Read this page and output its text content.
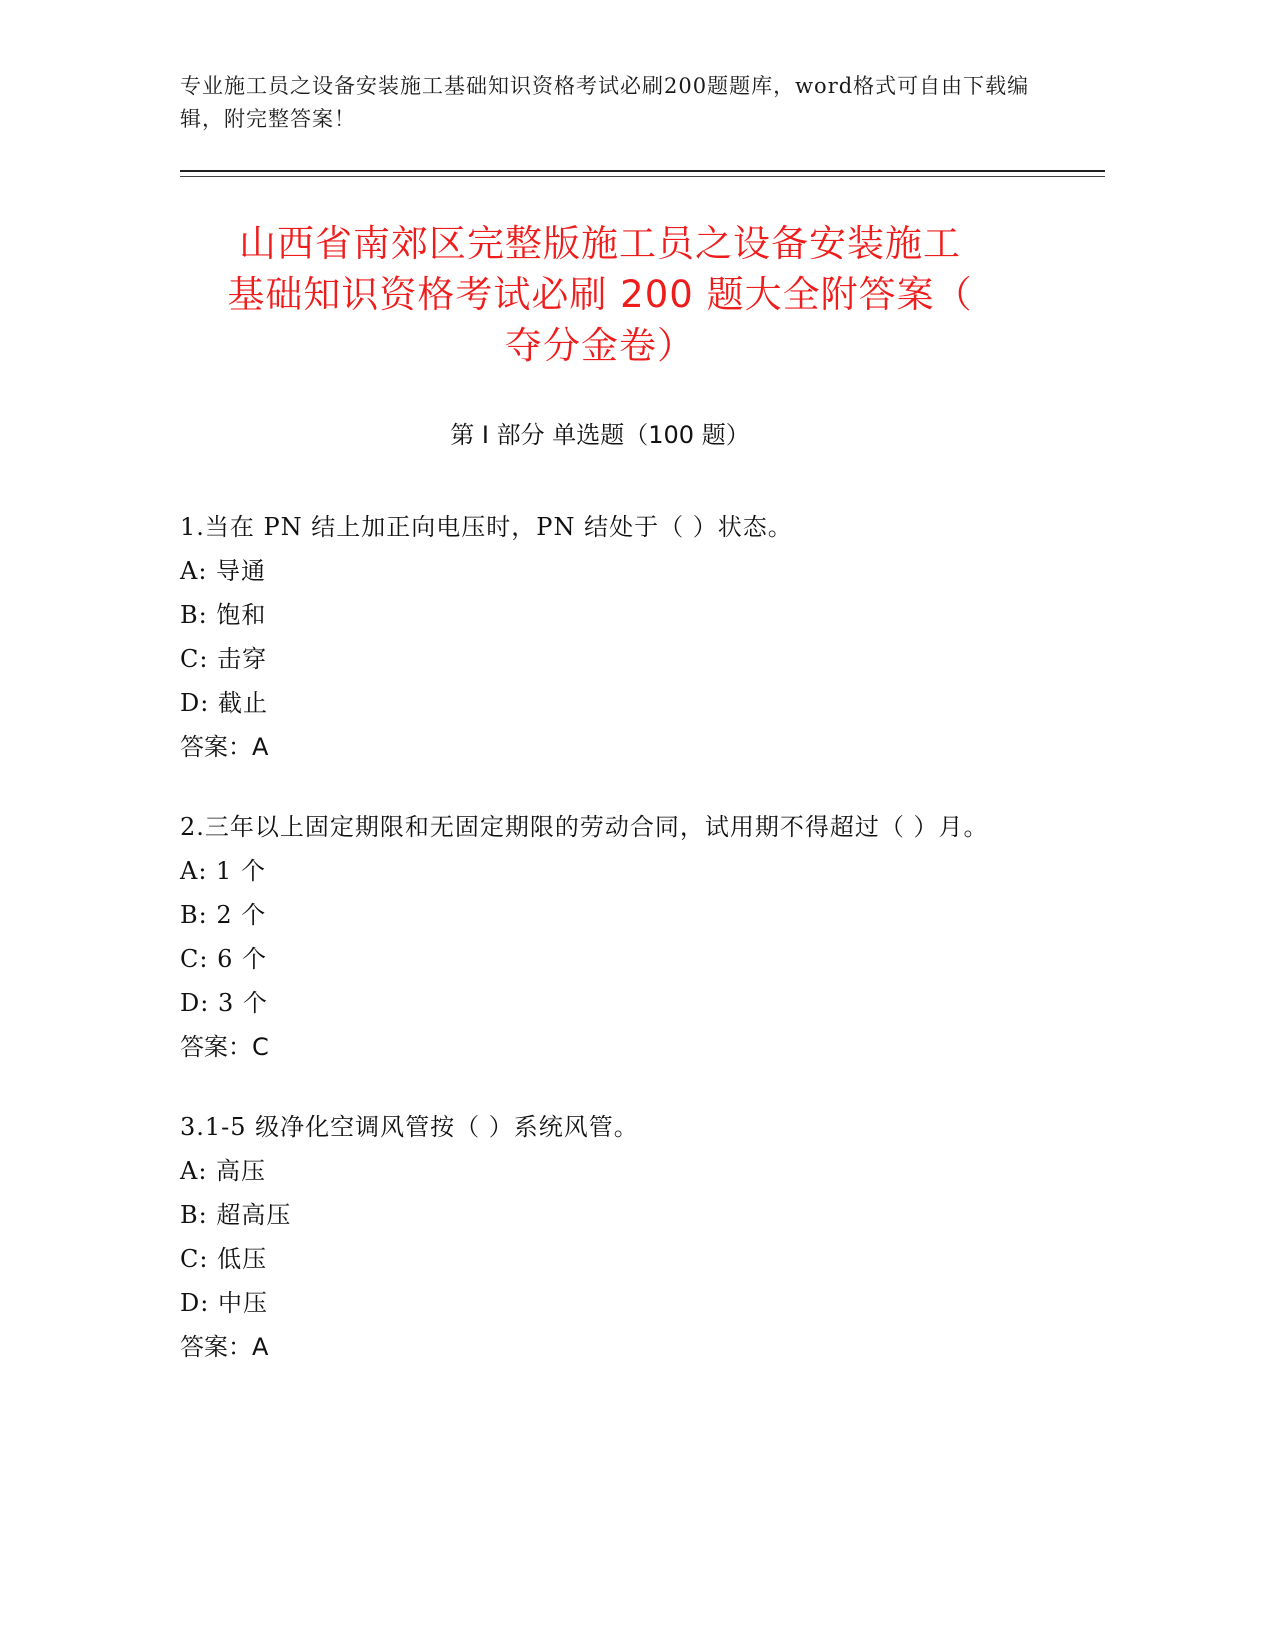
专业施工员之设备安装施工基础知识资格考试必刷200题题库，word格式可自由下载编辑，附完整答案！
山西省南郊区完整版施工员之设备安装施工
基础知识资格考试必刷 200 题大全附答案（
夺分金卷）
第 I 部分 单选题（100 题）
1.当在 PN 结上加正向电压时，PN 结处于（ ）状态。
A: 导通
B: 饱和
C: 击穿
D: 截止
答案：A
2.三年以上固定期限和无固定期限的劳动合同，试用期不得超过（ ）月。
A: 1 个
B: 2 个
C: 6 个
D: 3 个
答案：C
3.1-5 级净化空调风管按（ ）系统风管。
A: 高压
B: 超高压
C: 低压
D: 中压
答案：A
